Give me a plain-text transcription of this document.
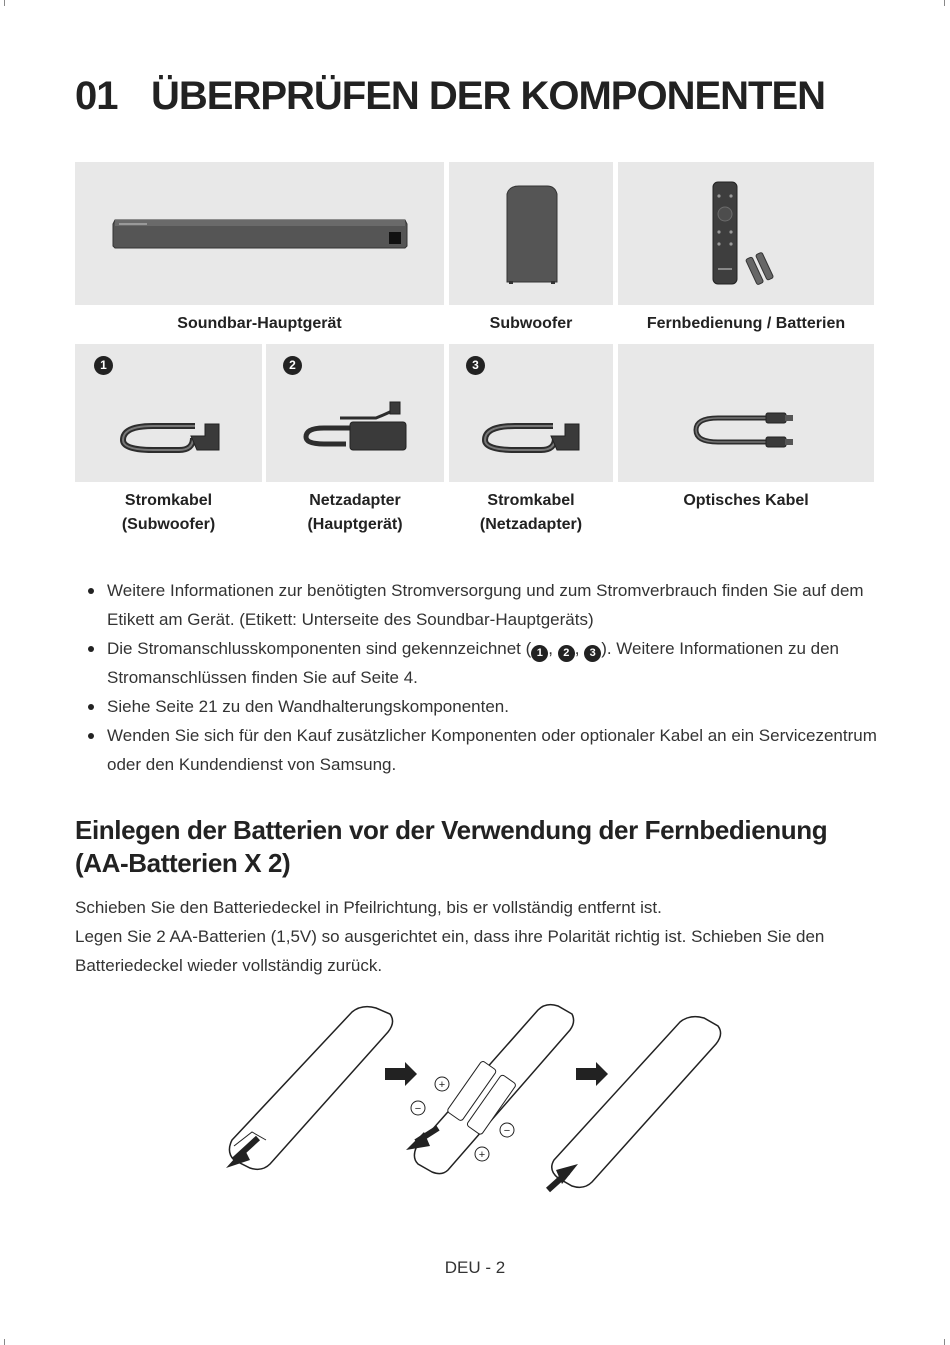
01 ÜBERPRÜFEN DER KOMPONENTEN
Soundbar-Hauptgerät	Subwoofer	Fernbedienung / Batterien
1	2	3
Stromkabel
(Subwoofer)
Netzadapter
(Hauptgerät)
Stromkabel
(Netzadapter)
Optisches Kabel
Weitere Informationen zur benötigten Stromversorgung und zum Stromverbrauch finden Sie auf dem Etikett am Gerät. (Etikett: Unterseite des Soundbar-Hauptgeräts)
Die Stromanschlusskomponenten sind gekennzeichnet ( 1 , 2 , 3 ). Weitere Informationen zu den Stromanschlüssen finden Sie auf Seite 4.
Siehe Seite 21 zu den Wandhalterungskomponenten.
Wenden Sie sich für den Kauf zusätzlicher Komponenten oder optionaler Kabel an ein Servicezentrum oder den Kundendienst von Samsung.
Einlegen der Batterien vor der Verwendung der Fernbedienung (AA-Batterien X 2)
Schieben Sie den Batteriedeckel in Pfeilrichtung, bis er vollständig entfernt ist.
Legen Sie 2 AA-Batterien (1,5V) so ausgerichtet ein, dass ihre Polarität richtig ist. Schieben Sie den Batteriedeckel wieder vollständig zurück.
+
−
−
+
DEU - 2
